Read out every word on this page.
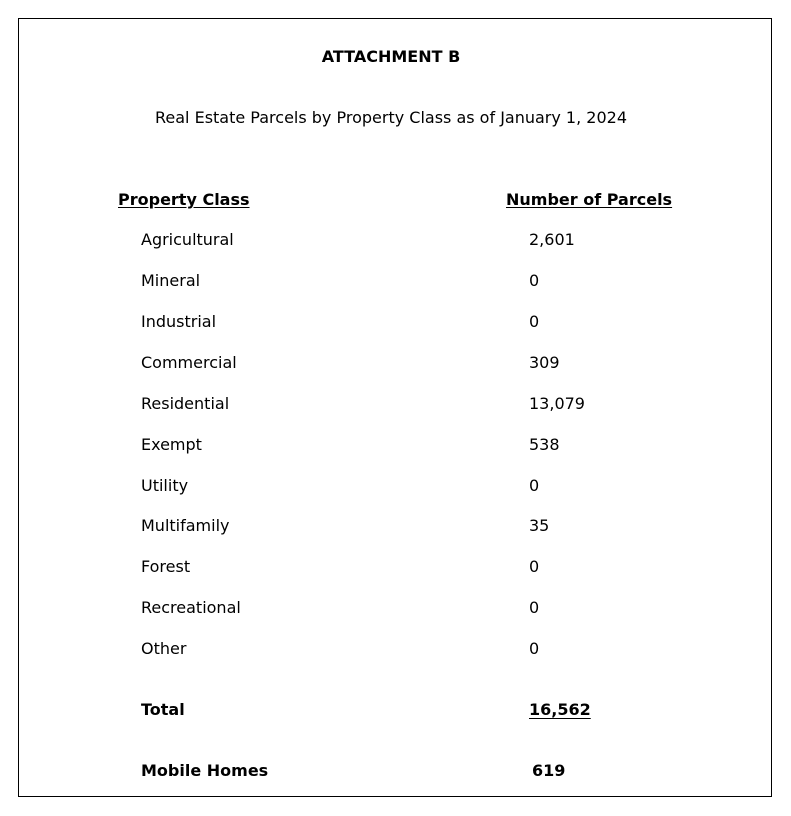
ATTACHMENT B
Real Estate Parcels by Property Class as of January 1, 2024
Property Class	Number of Parcels
Agricultural	2,601
Mineral	0
Industrial	0
Commercial	309
Residential	13,079
Exempt	538
Utility	0
Multifamily	35
Forest	0
Recreational	0
Other	0
Total	16,562
Mobile Homes	619
